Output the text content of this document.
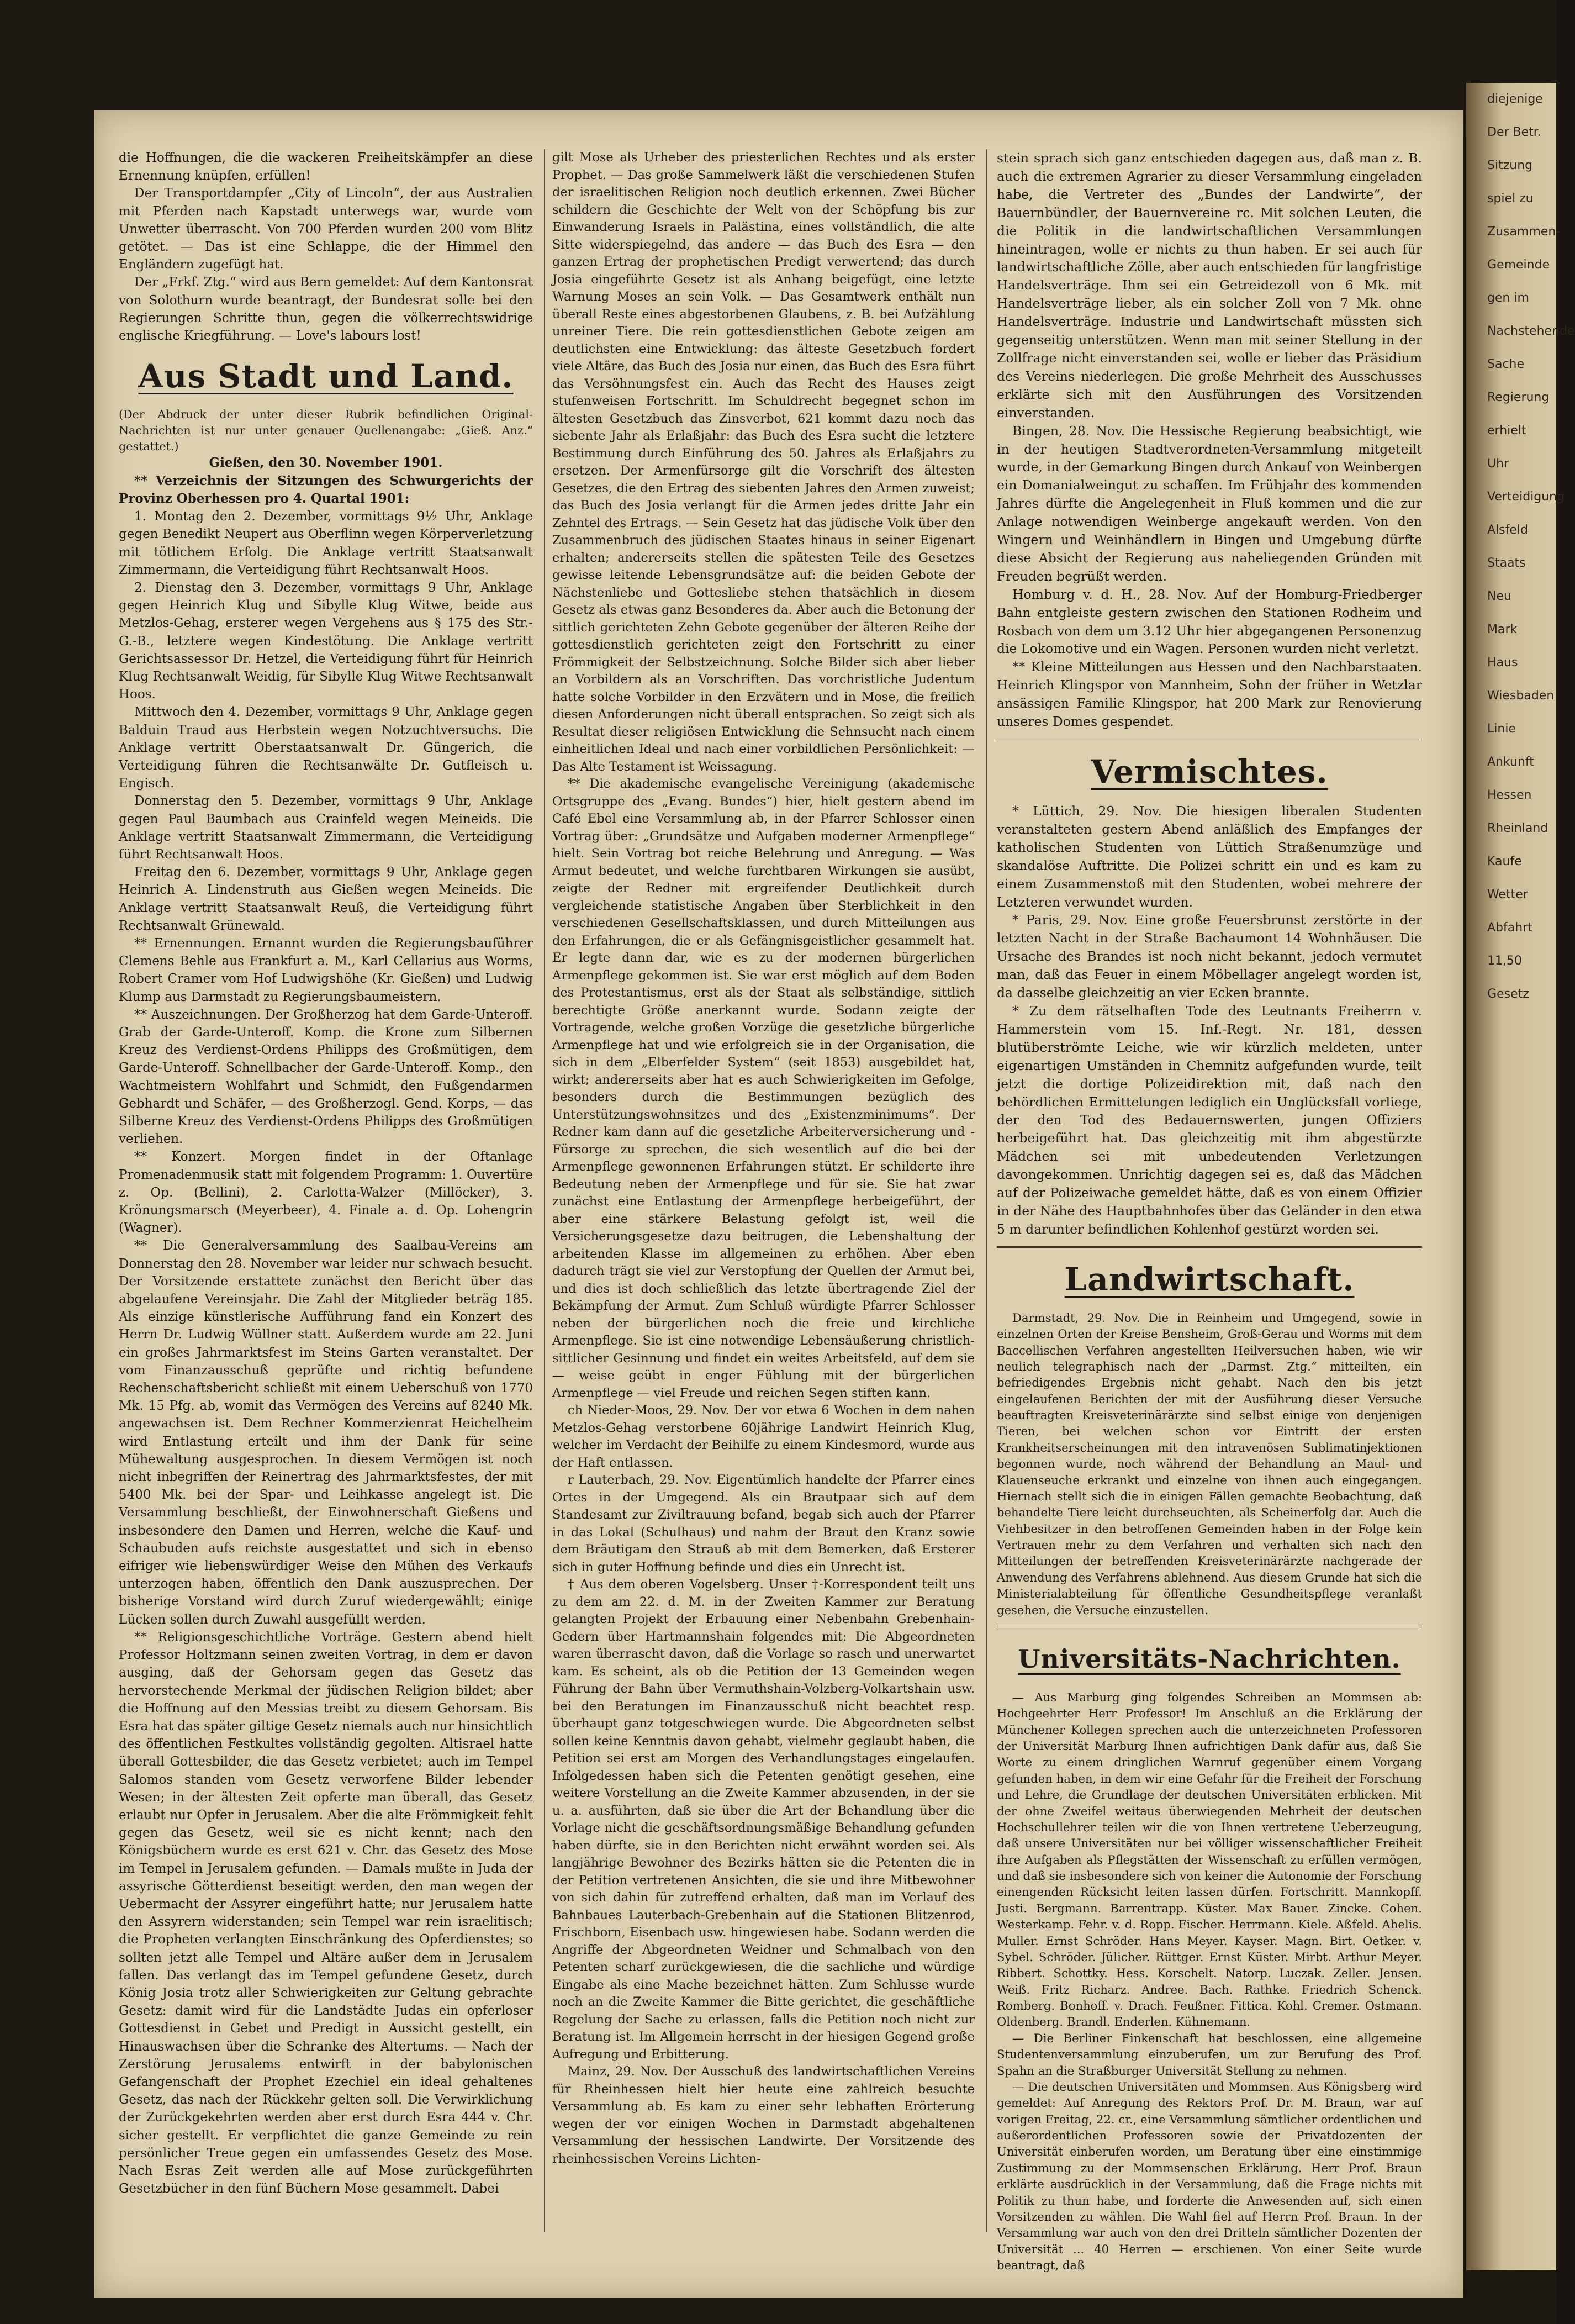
diejenige
Der Betr.
Sitzung
spiel zu
Zusammen-
Gemeinde
gen im
Nachstehende
Sache
Regierung
erhielt
Uhr
Verteidigung
Alsfeld
Staats
Neu
Mark
Haus
Wiesbaden
Linie
Ankunft
Hessen
Rheinland
Kaufe
Wetter
Abfahrt
11,50
Gesetz

die Hoffnungen, die die wackeren Freiheitskämpfer an diese Ernennung knüpfen, erfüllen!

Der Transportdampfer „City of Lincoln“, der aus Australien mit Pferden nach Kapstadt unterwegs war, wurde vom Unwetter überrascht. Von 700 Pferden wurden 200 vom Blitz getötet. — Das ist eine Schlappe, die der Himmel den Engländern zugefügt hat.

Der „Frkf. Ztg.“ wird aus Bern gemeldet: Auf dem Kantonsrat von Solothurn wurde beantragt, der Bundesrat solle bei den Regierungen Schritte thun, gegen die völkerrechtswidrige englische Kriegführung. — Love's labours lost!

Aus Stadt und Land.

(Der Abdruck der unter dieser Rubrik befindlichen Original-Nachrichten ist nur unter genauer Quellenangabe: „Gieß. Anz.“ gestattet.)

Gießen, den 30. November 1901.

** Verzeichnis der Sitzungen des Schwurgerichts der Provinz Oberhessen pro 4. Quartal 1901:

1. Montag den 2. Dezember, vormittags 9½ Uhr, Anklage gegen Benedikt Neupert aus Oberflinn wegen Körperverletzung mit tötlichem Erfolg. Die Anklage vertritt Staatsanwalt Zimmermann, die Verteidigung führt Rechtsanwalt Hoos.

2. Dienstag den 3. Dezember, vormittags 9 Uhr, Anklage gegen Heinrich Klug und Sibylle Klug Witwe, beide aus Metzlos-Gehag, ersterer wegen Vergehens aus § 175 des Str.-G.-B., letztere wegen Kindestötung. Die Anklage vertritt Gerichtsassessor Dr. Hetzel, die Verteidigung führt für Heinrich Klug Rechtsanwalt Weidig, für Sibylle Klug Witwe Rechtsanwalt Hoos.

Mittwoch den 4. Dezember, vormittags 9 Uhr, Anklage gegen Balduin Traud aus Herbstein wegen Notzuchtversuchs. Die Anklage vertritt Oberstaatsanwalt Dr. Güngerich, die Verteidigung führen die Rechtsanwälte Dr. Gutfleisch u. Engisch.

Donnerstag den 5. Dezember, vormittags 9 Uhr, Anklage gegen Paul Baumbach aus Crainfeld wegen Meineids. Die Anklage vertritt Staatsanwalt Zimmermann, die Verteidigung führt Rechtsanwalt Hoos.

Freitag den 6. Dezember, vormittags 9 Uhr, Anklage gegen Heinrich A. Lindenstruth aus Gießen wegen Meineids. Die Anklage vertritt Staatsanwalt Reuß, die Verteidigung führt Rechtsanwalt Grünewald.

** Ernennungen. Ernannt wurden die Regierungsbauführer Clemens Behle aus Frankfurt a. M., Karl Cellarius aus Worms, Robert Cramer vom Hof Ludwigshöhe (Kr. Gießen) und Ludwig Klump aus Darmstadt zu Regierungsbaumeistern.

** Auszeichnungen. Der Großherzog hat dem Garde-Unteroff. Grab der Garde-Unteroff. Komp. die Krone zum Silbernen Kreuz des Verdienst-Ordens Philipps des Großmütigen, dem Garde-Unteroff. Schnellbacher der Garde-Unteroff. Komp., den Wachtmeistern Wohlfahrt und Schmidt, den Fußgendarmen Gebhardt und Schäfer, — des Großherzogl. Gend. Korps, — das Silberne Kreuz des Verdienst-Ordens Philipps des Großmütigen verliehen.

** Konzert. Morgen findet in der Oftanlage Promenadenmusik statt mit folgendem Programm: 1. Ouvertüre z. Op. (Bellini), 2. Carlotta-Walzer (Millöcker), 3. Krönungsmarsch (Meyerbeer), 4. Finale a. d. Op. Lohengrin (Wagner).

** Die Generalversammlung des Saalbau-Vereins am Donnerstag den 28. November war leider nur schwach besucht. Der Vorsitzende erstattete zunächst den Bericht über das abgelaufene Vereinsjahr. Die Zahl der Mitglieder beträg 185. Als einzige künstlerische Aufführung fand ein Konzert des Herrn Dr. Ludwig Wüllner statt. Außerdem wurde am 22. Juni ein großes Jahrmarktsfest im Steins Garten veranstaltet. Der vom Finanzausschuß geprüfte und richtig befundene Rechenschaftsbericht schließt mit einem Ueberschuß von 1770 Mk. 15 Pfg. ab, womit das Vermögen des Vereins auf 8240 Mk. angewachsen ist. Dem Rechner Kommerzienrat Heichelheim wird Entlastung erteilt und ihm der Dank für seine Mühewaltung ausgesprochen. In diesem Vermögen ist noch nicht inbegriffen der Reinertrag des Jahrmarktsfestes, der mit 5400 Mk. bei der Spar- und Leihkasse angelegt ist. Die Versammlung beschließt, der Einwohnerschaft Gießens und insbesondere den Damen und Herren, welche die Kauf- und Schaubuden aufs reichste ausgestattet und sich in ebenso eifriger wie liebenswürdiger Weise den Mühen des Verkaufs unterzogen haben, öffentlich den Dank auszusprechen. Der bisherige Vorstand wird durch Zuruf wiedergewählt; einige Lücken sollen durch Zuwahl ausgefüllt werden.

** Religionsgeschichtliche Vorträge. Gestern abend hielt Professor Holtzmann seinen zweiten Vortrag, in dem er davon ausging, daß der Gehorsam gegen das Gesetz das hervorstechende Merkmal der jüdischen Religion bildet; aber die Hoffnung auf den Messias treibt zu diesem Gehorsam. Bis Esra hat das später giltige Gesetz niemals auch nur hinsichtlich des öffentlichen Festkultes vollständig gegolten. Altisrael hatte überall Gottesbilder, die das Gesetz verbietet; auch im Tempel Salomos standen vom Gesetz verworfene Bilder lebender Wesen; in der ältesten Zeit opferte man überall, das Gesetz erlaubt nur Opfer in Jerusalem. Aber die alte Frömmigkeit fehlt gegen das Gesetz, weil sie es nicht kennt; nach den Königsbüchern wurde es erst 621 v. Chr. das Gesetz des Mose im Tempel in Jerusalem gefunden. — Damals mußte in Juda der assyrische Götterdienst beseitigt werden, den man wegen der Uebermacht der Assyrer eingeführt hatte; nur Jerusalem hatte den Assyrern widerstanden; sein Tempel war rein israelitisch; die Propheten verlangten Einschränkung des Opferdienstes; so sollten jetzt alle Tempel und Altäre außer dem in Jerusalem fallen. Das verlangt das im Tempel gefundene Gesetz, durch König Josia trotz aller Schwierigkeiten zur Geltung gebrachte Gesetz: damit wird für die Landstädte Judas ein opferloser Gottesdienst in Gebet und Predigt in Aussicht gestellt, ein Hinauswachsen über die Schranke des Altertums. — Nach der Zerstörung Jerusalems entwirft in der babylonischen Gefangenschaft der Prophet Ezechiel ein ideal gehaltenes Gesetz, das nach der Rückkehr gelten soll. Die Verwirklichung der Zurückgekehrten werden aber erst durch Esra 444 v. Chr. sicher gestellt. Er verpflichtet die ganze Gemeinde zu rein persönlicher Treue gegen ein umfassendes Gesetz des Mose. Nach Esras Zeit werden alle auf Mose zurückgeführten Gesetzbücher in den fünf Büchern Mose gesammelt. Dabei

gilt Mose als Urheber des priesterlichen Rechtes und als erster Prophet. — Das große Sammelwerk läßt die verschiedenen Stufen der israelitischen Religion noch deutlich erkennen. Zwei Bücher schildern die Geschichte der Welt von der Schöpfung bis zur Einwanderung Israels in Palästina, eines vollständlich, die alte Sitte widerspiegelnd, das andere — das Buch des Esra — den ganzen Ertrag der prophetischen Predigt verwertend; das durch Josia eingeführte Gesetz ist als Anhang beigefügt, eine letzte Warnung Moses an sein Volk. — Das Gesamtwerk enthält nun überall Reste eines abgestorbenen Glaubens, z. B. bei Aufzählung unreiner Tiere. Die rein gottesdienstlichen Gebote zeigen am deutlichsten eine Entwicklung: das älteste Gesetzbuch fordert viele Altäre, das Buch des Josia nur einen, das Buch des Esra führt das Versöhnungsfest ein. Auch das Recht des Hauses zeigt stufenweisen Fortschritt. Im Schuldrecht begegnet schon im ältesten Gesetzbuch das Zinsverbot, 621 kommt dazu noch das siebente Jahr als Erlaßjahr: das Buch des Esra sucht die letztere Bestimmung durch Einführung des 50. Jahres als Erlaßjahrs zu ersetzen. Der Armenfürsorge gilt die Vorschrift des ältesten Gesetzes, die den Ertrag des siebenten Jahres den Armen zuweist; das Buch des Josia verlangt für die Armen jedes dritte Jahr ein Zehntel des Ertrags. — Sein Gesetz hat das jüdische Volk über den Zusammenbruch des jüdischen Staates hinaus in seiner Eigenart erhalten; andererseits stellen die spätesten Teile des Gesetzes gewisse leitende Lebensgrundsätze auf: die beiden Gebote der Nächstenliebe und Gottesliebe stehen thatsächlich in diesem Gesetz als etwas ganz Besonderes da. Aber auch die Betonung der sittlich gerichteten Zehn Gebote gegenüber der älteren Reihe der gottesdienstlich gerichteten zeigt den Fortschritt zu einer Frömmigkeit der Selbstzeichnung. Solche Bilder sich aber lieber an Vorbildern als an Vorschriften. Das vorchristliche Judentum hatte solche Vorbilder in den Erzvätern und in Mose, die freilich diesen Anforderungen nicht überall entsprachen. So zeigt sich als Resultat dieser religiösen Entwicklung die Sehnsucht nach einem einheitlichen Ideal und nach einer vorbildlichen Persönlichkeit: — Das Alte Testament ist Weissagung.

** Die akademische evangelische Vereinigung (akademische Ortsgruppe des „Evang. Bundes“) hier, hielt gestern abend im Café Ebel eine Versammlung ab, in der Pfarrer Schlosser einen Vortrag über: „Grundsätze und Aufgaben moderner Armenpflege“ hielt. Sein Vortrag bot reiche Belehrung und Anregung. — Was Armut bedeutet, und welche furchtbaren Wirkungen sie ausübt, zeigte der Redner mit ergreifender Deutlichkeit durch vergleichende statistische Angaben über Sterblichkeit in den verschiedenen Gesellschaftsklassen, und durch Mitteilungen aus den Erfahrungen, die er als Gefängnisgeistlicher gesammelt hat. Er legte dann dar, wie es zu der modernen bürgerlichen Armenpflege gekommen ist. Sie war erst möglich auf dem Boden des Protestantismus, erst als der Staat als selbständige, sittlich berechtigte Größe anerkannt wurde. Sodann zeigte der Vortragende, welche großen Vorzüge die gesetzliche bürgerliche Armenpflege hat und wie erfolgreich sie in der Organisation, die sich in dem „Elberfelder System“ (seit 1853) ausgebildet hat, wirkt; andererseits aber hat es auch Schwierigkeiten im Gefolge, besonders durch die Bestimmungen bezüglich des Unterstützungswohnsitzes und des „Existenzminimums“. Der Redner kam dann auf die gesetzliche Arbeiterversicherung und -Fürsorge zu sprechen, die sich wesentlich auf die bei der Armenpflege gewonnenen Erfahrungen stützt. Er schilderte ihre Bedeutung neben der Armenpflege und für sie. Sie hat zwar zunächst eine Entlastung der Armenpflege herbeigeführt, der aber eine stärkere Belastung gefolgt ist, weil die Versicherungsgesetze dazu beitrugen, die Lebenshaltung der arbeitenden Klasse im allgemeinen zu erhöhen. Aber eben dadurch trägt sie viel zur Verstopfung der Quellen der Armut bei, und dies ist doch schließlich das letzte übertragende Ziel der Bekämpfung der Armut. Zum Schluß würdigte Pfarrer Schlosser neben der bürgerlichen noch die freie und kirchliche Armenpflege. Sie ist eine notwendige Lebensäußerung christlich-sittlicher Gesinnung und findet ein weites Arbeitsfeld, auf dem sie — weise geübt in enger Fühlung mit der bürgerlichen Armenpflege — viel Freude und reichen Segen stiften kann.

ch Nieder-Moos, 29. Nov. Der vor etwa 6 Wochen in dem nahen Metzlos-Gehag verstorbene 60jährige Landwirt Heinrich Klug, welcher im Verdacht der Beihilfe zu einem Kindesmord, wurde aus der Haft entlassen.

r Lauterbach, 29. Nov. Eigentümlich handelte der Pfarrer eines Ortes in der Umgegend. Als ein Brautpaar sich auf dem Standesamt zur Ziviltrauung befand, begab sich auch der Pfarrer in das Lokal (Schulhaus) und nahm der Braut den Kranz sowie dem Bräutigam den Strauß ab mit dem Bemerken, daß Ersterer sich in guter Hoffnung befinde und dies ein Unrecht ist.

† Aus dem oberen Vogelsberg. Unser †-Korrespondent teilt uns zu dem am 22. d. M. in der Zweiten Kammer zur Beratung gelangten Projekt der Erbauung einer Nebenbahn Grebenhain-Gedern über Hartmannshain folgendes mit: Die Abgeordneten waren überrascht davon, daß die Vorlage so rasch und unerwartet kam. Es scheint, als ob die Petition der 13 Gemeinden wegen Führung der Bahn über Vermuthshain-Volzberg-Volkartshain usw. bei den Beratungen im Finanzausschuß nicht beachtet resp. überhaupt ganz totgeschwiegen wurde. Die Abgeordneten selbst sollen keine Kenntnis davon gehabt, vielmehr geglaubt haben, die Petition sei erst am Morgen des Verhandlungstages eingelaufen. Infolgedessen haben sich die Petenten genötigt gesehen, eine weitere Vorstellung an die Zweite Kammer abzusenden, in der sie u. a. ausführten, daß sie über die Art der Behandlung über die Vorlage nicht die geschäftsordnungsmäßige Behandlung gefunden haben dürfte, sie in den Berichten nicht erwähnt worden sei. Als langjährige Bewohner des Bezirks hätten sie die Petenten die in der Petition vertretenen Ansichten, die sie und ihre Mitbewohner von sich dahin für zutreffend erhalten, daß man im Verlauf des Bahnbaues Lauterbach-Grebenhain auf die Stationen Blitzenrod, Frischborn, Eisenbach usw. hingewiesen habe. Sodann werden die Angriffe der Abgeordneten Weidner und Schmalbach von den Petenten scharf zurückgewiesen, die die sachliche und würdige Eingabe als eine Mache bezeichnet hätten. Zum Schlusse wurde noch an die Zweite Kammer die Bitte gerichtet, die geschäftliche Regelung der Sache zu erlassen, falls die Petition noch nicht zur Beratung ist. Im Allgemein herrscht in der hiesigen Gegend große Aufregung und Erbitterung.

Mainz, 29. Nov. Der Ausschuß des landwirtschaftlichen Vereins für Rheinhessen hielt hier heute eine zahlreich besuchte Versammlung ab. Es kam zu einer sehr lebhaften Erörterung wegen der vor einigen Wochen in Darmstadt abgehaltenen Versammlung der hessischen Landwirte. Der Vorsitzende des rheinhessischen Vereins Lichten-

stein sprach sich ganz entschieden dagegen aus, daß man z. B. auch die extremen Agrarier zu dieser Versammlung eingeladen habe, die Vertreter des „Bundes der Landwirte“, der Bauernbündler, der Bauernvereine rc. Mit solchen Leuten, die die Politik in die landwirtschaftlichen Versammlungen hineintragen, wolle er nichts zu thun haben. Er sei auch für landwirtschaftliche Zölle, aber auch entschieden für langfristige Handelsverträge. Ihm sei ein Getreidezoll von 6 Mk. mit Handelsverträge lieber, als ein solcher Zoll von 7 Mk. ohne Handelsverträge. Industrie und Landwirtschaft müssten sich gegenseitig unterstützen. Wenn man mit seiner Stellung in der Zollfrage nicht einverstanden sei, wolle er lieber das Präsidium des Vereins niederlegen. Die große Mehrheit des Ausschusses erklärte sich mit den Ausführungen des Vorsitzenden einverstanden.

Bingen, 28. Nov. Die Hessische Regierung beabsichtigt, wie in der heutigen Stadtverordneten-Versammlung mitgeteilt wurde, in der Gemarkung Bingen durch Ankauf von Weinbergen ein Domanialweingut zu schaffen. Im Frühjahr des kommenden Jahres dürfte die Angelegenheit in Fluß kommen und die zur Anlage notwendigen Weinberge angekauft werden. Von den Wingern und Weinhändlern in Bingen und Umgebung dürfte diese Absicht der Regierung aus naheliegenden Gründen mit Freuden begrüßt werden.

Homburg v. d. H., 28. Nov. Auf der Homburg-Friedberger Bahn entgleiste gestern zwischen den Stationen Rodheim und Rosbach von dem um 3.12 Uhr hier abgegangenen Personenzug die Lokomotive und ein Wagen. Personen wurden nicht verletzt.

** Kleine Mitteilungen aus Hessen und den Nachbarstaaten. Heinrich Klingspor von Mannheim, Sohn der früher in Wetzlar ansässigen Familie Klingspor, hat 200 Mark zur Renovierung unseres Domes gespendet.

Vermischtes.

* Lüttich, 29. Nov. Die hiesigen liberalen Studenten veranstalteten gestern Abend anläßlich des Empfanges der katholischen Studenten von Lüttich Straßenumzüge und skandalöse Auftritte. Die Polizei schritt ein und es kam zu einem Zusammenstoß mit den Studenten, wobei mehrere der Letzteren verwundet wurden.

* Paris, 29. Nov. Eine große Feuersbrunst zerstörte in der letzten Nacht in der Straße Bachaumont 14 Wohnhäuser. Die Ursache des Brandes ist noch nicht bekannt, jedoch vermutet man, daß das Feuer in einem Möbellager angelegt worden ist, da dasselbe gleichzeitig an vier Ecken brannte.

* Zu dem rätselhaften Tode des Leutnants Freiherrn v. Hammerstein vom 15. Inf.-Regt. Nr. 181, dessen blutüberströmte Leiche, wie wir kürzlich meldeten, unter eigenartigen Umständen in Chemnitz aufgefunden wurde, teilt jetzt die dortige Polizeidirektion mit, daß nach den behördlichen Ermittelungen lediglich ein Unglücksfall vorliege, der den Tod des Bedauernswerten, jungen Offiziers herbeigeführt hat. Das gleichzeitig mit ihm abgestürzte Mädchen sei mit unbedeutenden Verletzungen davongekommen. Unrichtig dagegen sei es, daß das Mädchen auf der Polizeiwache gemeldet hätte, daß es von einem Offizier in der Nähe des Hauptbahnhofes über das Geländer in den etwa 5 m darunter befindlichen Kohlenhof gestürzt worden sei.

Landwirtschaft.

Darmstadt, 29. Nov. Die in Reinheim und Umgegend, sowie in einzelnen Orten der Kreise Bensheim, Groß-Gerau und Worms mit dem Baccellischen Verfahren angestellten Heilversuchen haben, wie wir neulich telegraphisch nach der „Darmst. Ztg.“ mitteilten, ein befriedigendes Ergebnis nicht gehabt. Nach den bis jetzt eingelaufenen Berichten der mit der Ausführung dieser Versuche beauftragten Kreisveterinärärzte sind selbst einige von denjenigen Tieren, bei welchen schon vor Eintritt der ersten Krankheitserscheinungen mit den intravenösen Sublimatinjektionen begonnen wurde, noch während der Behandlung an Maul- und Klauenseuche erkrankt und einzelne von ihnen auch eingegangen. Hiernach stellt sich die in einigen Fällen gemachte Beobachtung, daß behandelte Tiere leicht durchseuchten, als Scheinerfolg dar. Auch die Viehbesitzer in den betroffenen Gemeinden haben in der Folge kein Vertrauen mehr zu dem Verfahren und verhalten sich nach den Mitteilungen der betreffenden Kreisveterinärärzte nachgerade der Anwendung des Verfahrens ablehnend. Aus diesem Grunde hat sich die Ministerialabteilung für öffentliche Gesundheitspflege veranlaßt gesehen, die Versuche einzustellen.

Universitäts-Nachrichten.

— Aus Marburg ging folgendes Schreiben an Mommsen ab: Hochgeehrter Herr Professor! Im Anschluß an die Erklärung der Münchener Kollegen sprechen auch die unterzeichneten Professoren der Universität Marburg Ihnen aufrichtigen Dank dafür aus, daß Sie Worte zu einem dringlichen Warnruf gegenüber einem Vorgang gefunden haben, in dem wir eine Gefahr für die Freiheit der Forschung und Lehre, die Grundlage der deutschen Universitäten erblicken. Mit der ohne Zweifel weitaus überwiegenden Mehrheit der deutschen Hochschullehrer teilen wir die von Ihnen vertretene Ueberzeugung, daß unsere Universitäten nur bei völliger wissenschaftlicher Freiheit ihre Aufgaben als Pflegstätten der Wissenschaft zu erfüllen vermögen, und daß sie insbesondere sich von keiner die Autonomie der Forschung einengenden Rücksicht leiten lassen dürfen. Fortschritt. Mannkopff. Justi. Bergmann. Barrentrapp. Küster. Max Bauer. Zincke. Cohen. Westerkamp. Fehr. v. d. Ropp. Fischer. Herrmann. Kiele. Aßfeld. Ahelis. Muller. Ernst Schröder. Hans Meyer. Kayser. Magn. Birt. Oetker. v. Sybel. Schröder. Jülicher. Rüttger. Ernst Küster. Mirbt. Arthur Meyer. Ribbert. Schottky. Hess. Korschelt. Natorp. Luczak. Zeller. Jensen. Weiß. Fritz Richarz. Andree. Bach. Rathke. Friedrich Schenck. Romberg. Bonhoff. v. Drach. Feußner. Fittica. Kohl. Cremer. Ostmann. Oldenberg. Brandl. Enderlen. Kühnemann.

— Die Berliner Finkenschaft hat beschlossen, eine allgemeine Studentenversammlung einzuberufen, um zur Berufung des Prof. Spahn an die Straßburger Universität Stellung zu nehmen.

— Die deutschen Universitäten und Mommsen. Aus Königsberg wird gemeldet: Auf Anregung des Rektors Prof. Dr. M. Braun, war auf vorigen Freitag, 22. cr., eine Versammlung sämtlicher ordentlichen und außerordentlichen Professoren sowie der Privatdozenten der Universität einberufen worden, um Beratung über eine einstimmige Zustimmung zu der Mommsenschen Erklärung. Herr Prof. Braun erklärte ausdrücklich in der Versammlung, daß die Frage nichts mit Politik zu thun habe, und forderte die Anwesenden auf, sich einen Vorsitzenden zu wählen. Die Wahl fiel auf Herrn Prof. Braun. In der Versammlung war auch von den drei Dritteln sämtlicher Dozenten der Universität ... 40 Herren — erschienen. Von einer Seite wurde beantragt, daß
